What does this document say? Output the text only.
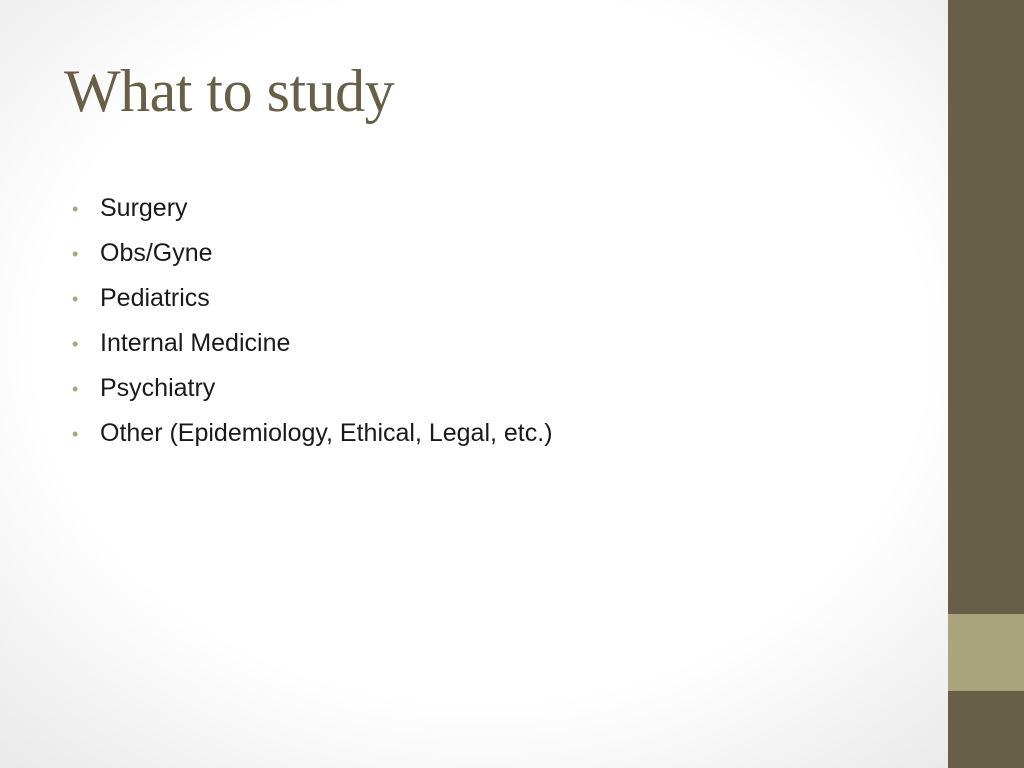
What to study
• Surgery
• Obs/Gyne
• Pediatrics
• Internal Medicine
• Psychiatry
• Other (Epidemiology, Ethical, Legal, etc.)
